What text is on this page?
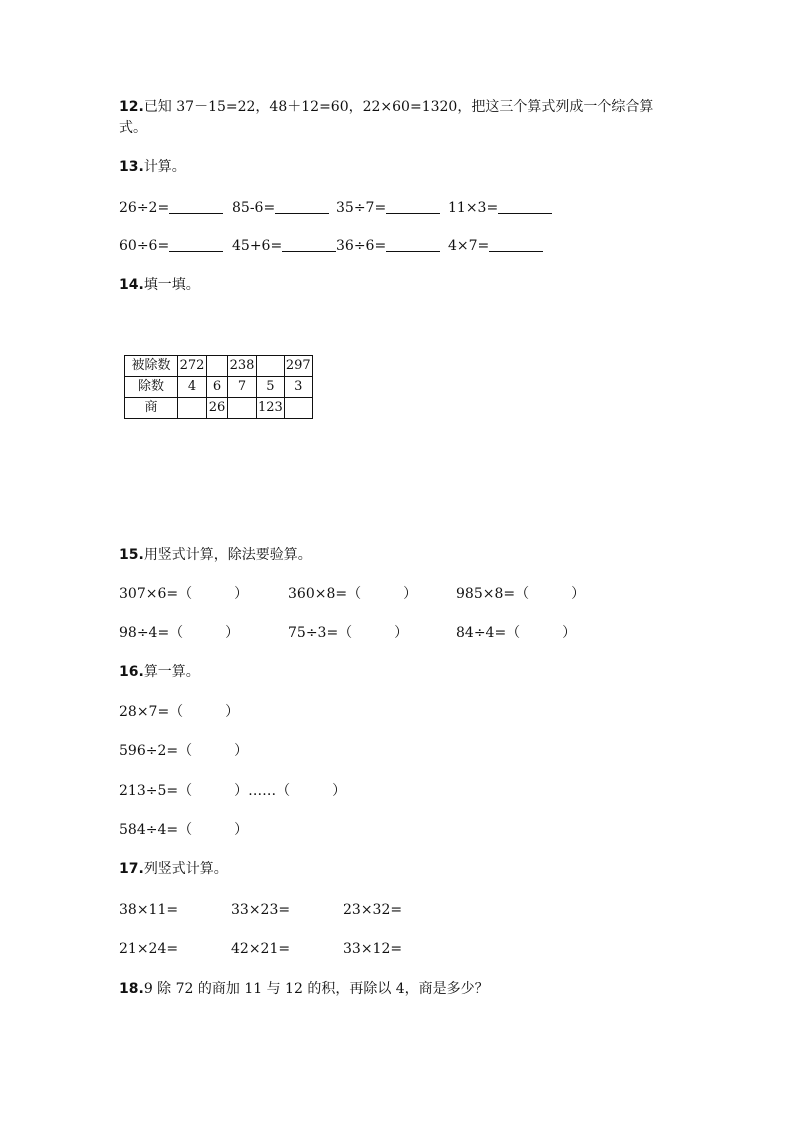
12.已知 37－15=22，48＋12=60，22×60=1320，把这三个算式列成一个综合算
式。
13.计算。
26÷2=	85-6=	35÷7=	11×3=
60÷6=	45+6=	36÷6=	4×7=
14.填一填。
被除数	272		238		297
除数	4	6	7	5	3
商		26		123	
15.用竖式计算，除法要验算。
307×6=（　　　）	360×8=（　　　）	985×8=（　　　）
98÷4=（　　　）	75÷3=（　　　）	84÷4=（　　　）
16.算一算。
28×7=（　　　）
596÷2=（　　　）
213÷5=（　　　）……（　　　）
584÷4=（　　　）
17.列竖式计算。
38×11=	33×23=	23×32=
21×24=	42×21=	33×12=
18.9 除 72 的商加 11 与 12 的积，再除以 4，商是多少？
